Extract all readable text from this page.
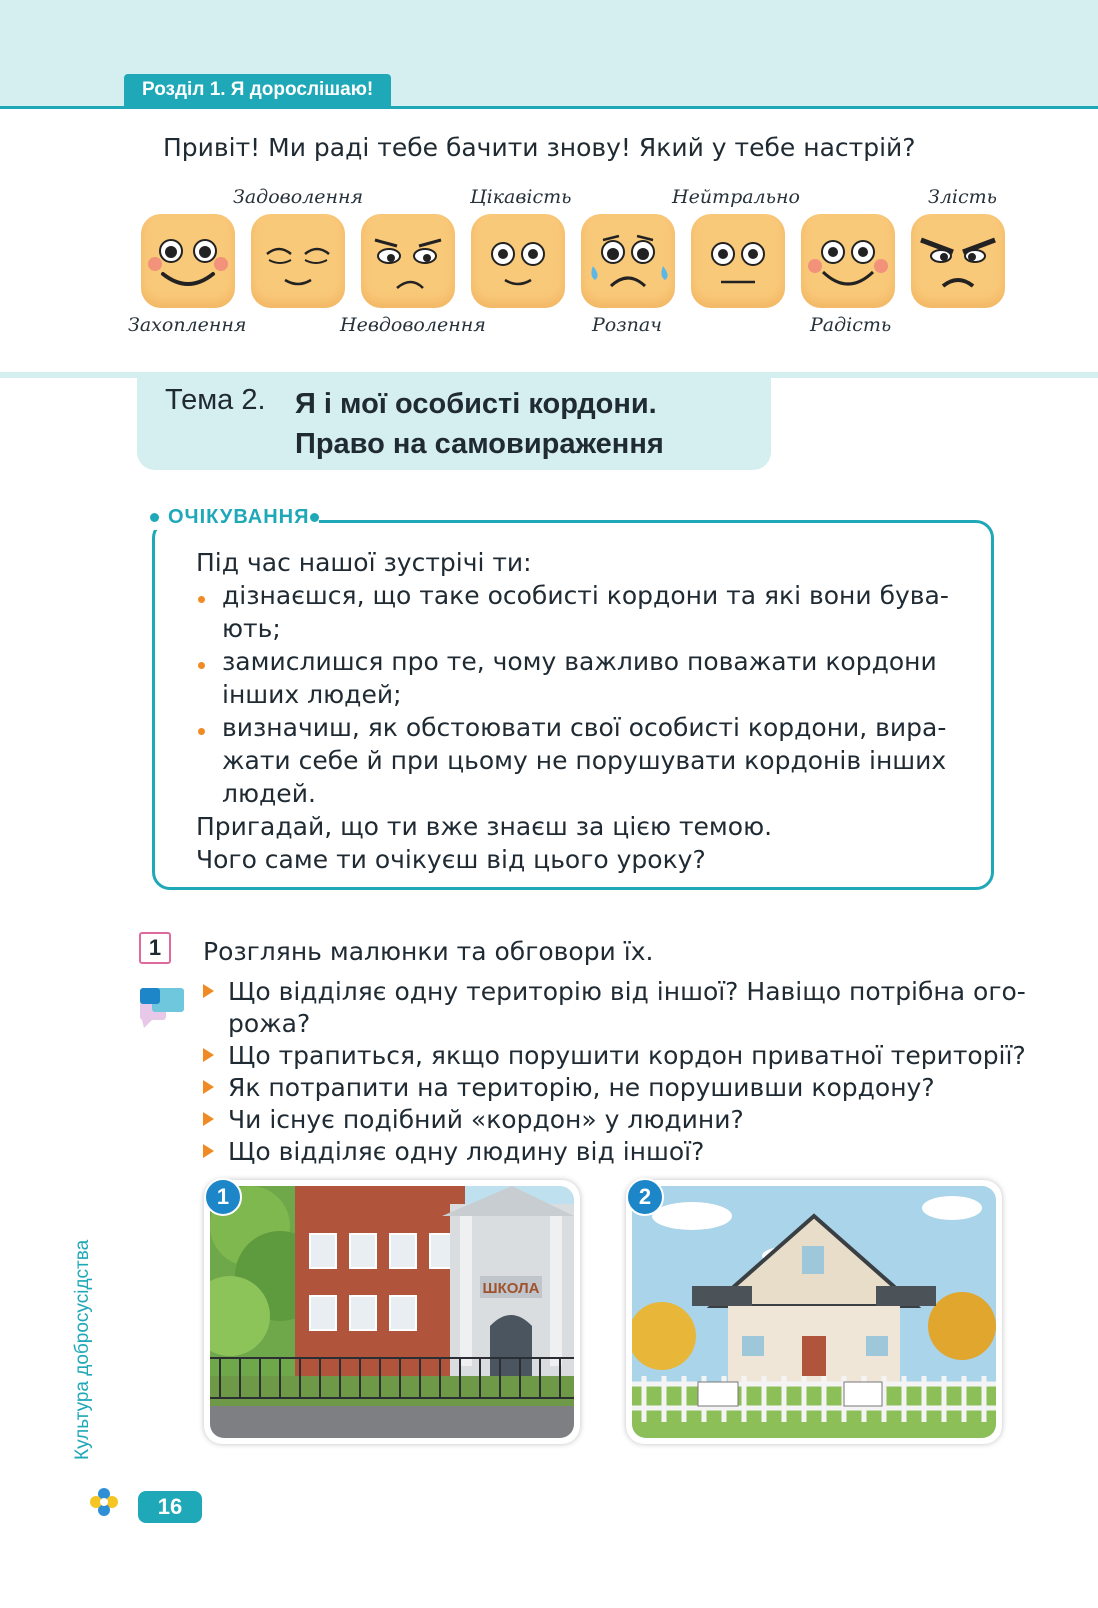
Розділ 1. Я дорослішаю!
Привіт! Ми раді тебе бачити знову! Який у тебе настрій?
Задоволення	Цікавість	Нейтрально	Злість
Захоплення	Невдоволення	Розпач	Радість
Тема 2. Я і мої особисті кордони.
Право на самовираження
ОЧІКУВАННЯ
Під час нашої зустрічі ти:
дізнаєшся, що таке особисті кордони та які вони бува-
ють;
замислишся про те, чому важливо поважати кордони
інших людей;
визначиш, як обстоювати свої особисті кордони, вира-
жати себе й при цьому не порушувати кордонів інших
людей.
Пригадай, що ти вже знаєш за цією темою.
Чого саме ти очікуєш від цього уроку?
1	Розглянь малюнки та обговори їх.
Що відділяє одну територію від іншої? Навіщо потрібна ого-
рожа?
Що трапиться, якщо порушити кордон приватної території?
Як потрапити на територію, не порушивши кордону?
Чи існує подібний «кордон» у людини?
Що відділяє одну людину від іншої?
ШКОЛА
1	2
Культура добросусідства
16
